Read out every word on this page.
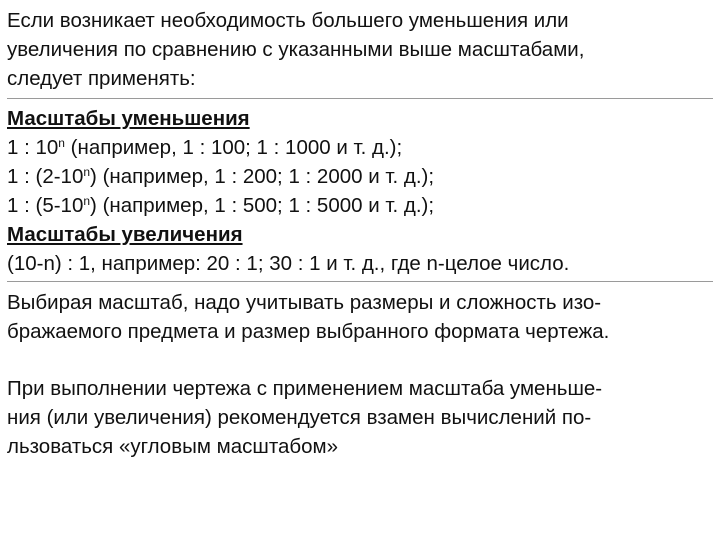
Если возникает необходимость большего уменьшения или
увеличения по сравнению с указанными выше масштабами,
следует применять:
Масштабы уменьшения
1 : 10$^n$ (например, 1 : 100; 1 : 1000 и т. д.);
1 : (2-10$^n$) (например, 1 : 200; 1 : 2000 и т. д.);
1 : (5-10$^n$) (например, 1 : 500; 1 : 5000 и т. д.);
Масштабы увеличения
(10-n) : 1, например: 20 : 1; 30 : 1 и т. д., где n-целое число.
Выбирая масштаб, надо учитывать размеры и сложность изо-
бражаемого предмета и размер выбранного формата чертежа.
При выполнении чертежа с применением масштаба уменьше-
ния (или увеличения) рекомендуется взамен вычислений по-
льзоваться «угловым масштабом»
